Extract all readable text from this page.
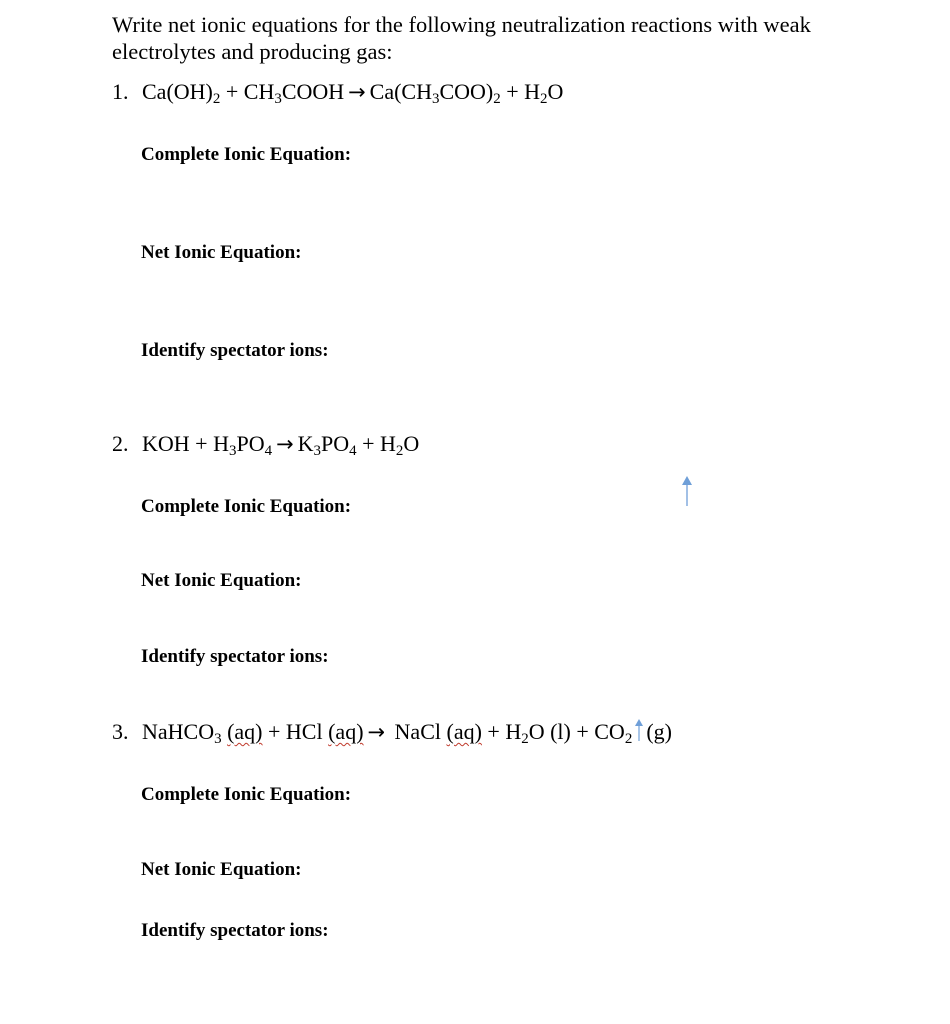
Write net ionic equations for the following neutralization reactions with weak electrolytes and producing gas:
1. $Ca(OH)_2$ + $CH_3COOH \to Ca(CH_3COO)_2 + H_2O$
Complete Ionic Equation:
Net Ionic Equation:
Identify spectator ions:
2. KOH + $H_3PO_4 \to K_3PO_4 + H_2O$
Complete Ionic Equation:
Net Ionic Equation:
Identify spectator ions:
3. NaHCO$_3$ (aq) + HCl (aq) → NaCl $(aq) + H_2O$ $(l) + CO_2$ (g)
Complete Ionic Equation:
Net Ionic Equation:
Identify spectator ions:
